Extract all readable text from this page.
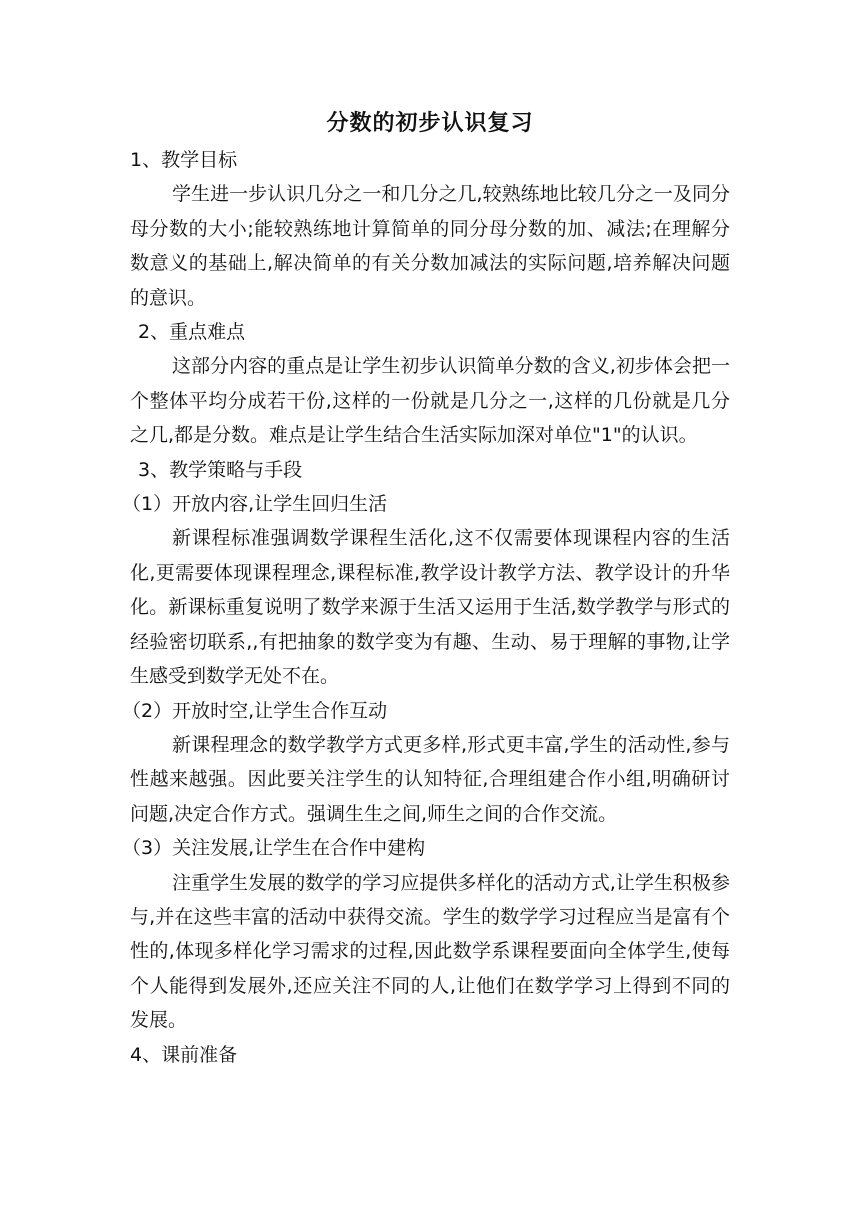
分数的初步认识复习

1、教学目标

学生进一步认识几分之一和几分之几,较熟练地比较几分之一及同分母分数的大小;能较熟练地计算简单的同分母分数的加、减法;在理解分数意义的基础上,解决简单的有关分数加减法的实际问题,培养解决问题的意识。

2、重点难点

这部分内容的重点是让学生初步认识简单分数的含义,初步体会把一个整体平均分成若干份,这样的一份就是几分之一,这样的几份就是几分之几,都是分数。难点是让学生结合生活实际加深对单位"1"的认识。

3、教学策略与手段

（1）开放内容,让学生回归生活

新课程标准强调数学课程生活化,这不仅需要体现课程内容的生活化,更需要体现课程理念,课程标准,教学设计教学方法、教学设计的升华化。新课标重复说明了数学来源于生活又运用于生活,数学教学与形式的 经验密切联系,,有把抽象的数学变为有趣、生动、易于理解的事物,让学生感受到数学无处不在。

（2）开放时空,让学生合作互动

新课程理念的数学教学方式更多样,形式更丰富,学生的活动性,参与性越来越强。因此要关注学生的认知特征,合理组建合作小组,明确研讨问题,决定合作方式。强调生生之间,师生之间的合作交流。

（3）关注发展,让学生在合作中建构

注重学生发展的数学的学习应提供多样化的活动方式,让学生积极参与,并在这些丰富的活动中获得交流。学生的数学学习过程应当是富有个性的,体现多样化学习需求的过程,因此数学系课程要面向全体学生,使每个人能得到发展外,还应关注不同的人,让他们在数学学习上得到不同的发展。

4、课前准备
